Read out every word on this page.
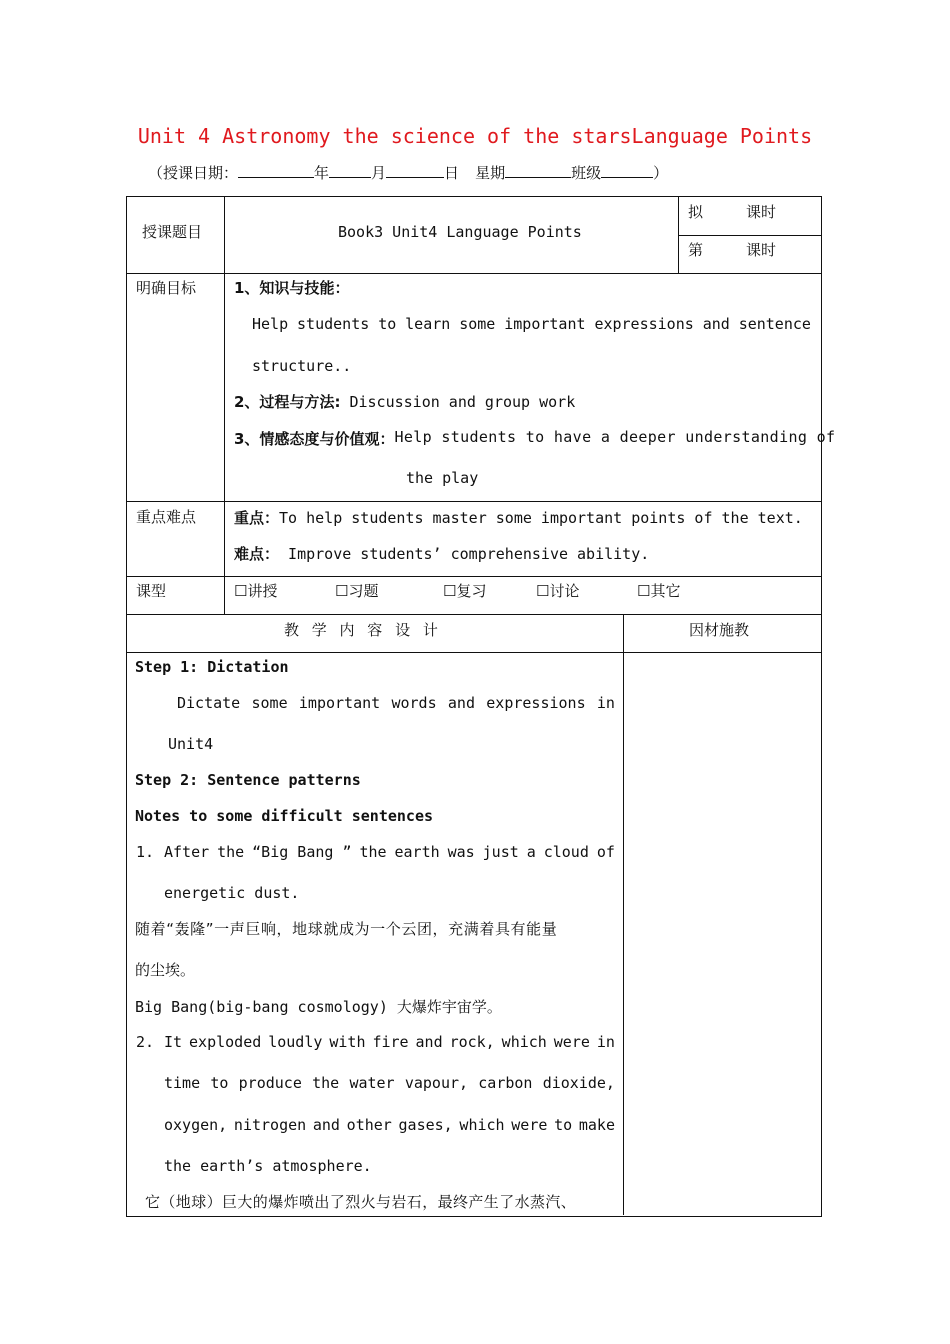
Unit 4 Astronomy the science of the starsLanguage Points
（授课日期：	年	月	日 星期	班级	）
授课题目	Book3 Unit4 Language Points
拟	课时
第	课时
明确目标	1、知识与技能：
Help students to learn some important expressions and sentence
structure..
2、过程与方法: Discussion and group work
3、情感态度与价值观： Help students to have a deeper understanding of
the play
重点难点	重点：To help students master some important points of the text.
难点： Improve students’ comprehensive ability.
课型	☐讲授	☐习题	☐复习	☐讨论	☐其它
教 学 内 容 设 计	因材施教
Step 1: Dictation
Dictate some important words and expressions in
Unit4
Step 2: Sentence patterns
Notes to some difficult sentences
1. After the “Big Bang ” the earth was just a cloud of
energetic dust.
随着“轰隆”一声巨响，地球就成为一个云团，充满着具有能量
的尘埃。
Big Bang(big-bang cosmology) 大爆炸宇宙学。
2. It exploded loudly with fire and rock, which were in
time to produce the water vapour, carbon dioxide,
oxygen, nitrogen and other gases, which were to make
the earth’s atmosphere.
它（地球）巨大的爆炸喷出了烈火与岩石，最终产生了水蒸汽、
